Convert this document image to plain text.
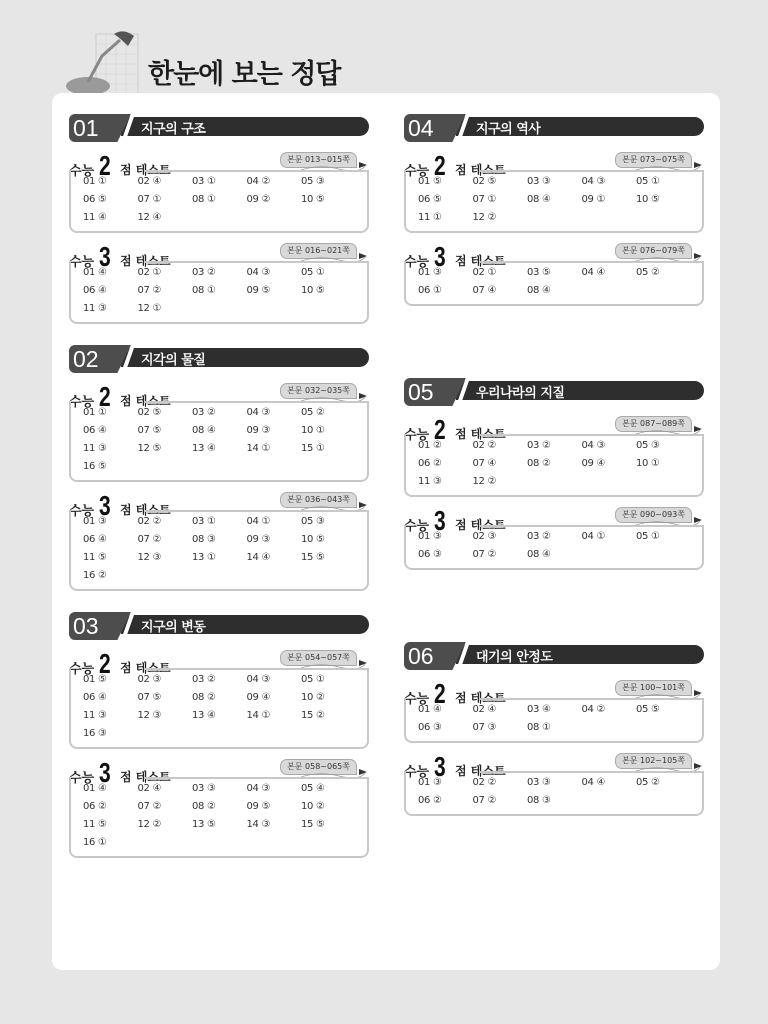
한눈에 보는 정답
01	지구의 구조
수능 2 점 테스트
본문 013~015쪽
01 ①	02 ④	03 ①	04 ②	05 ③
06 ⑤	07 ①	08 ①	09 ②	10 ⑤
11 ④	12 ④
수능 3 점 테스트
본문 016~021쪽
01 ④	02 ①	03 ②	04 ③	05 ①
06 ④	07 ②	08 ①	09 ⑤	10 ⑤
11 ③	12 ①
02	지각의 물질
수능 2 점 테스트
본문 032~035쪽
01 ①	02 ⑤	03 ②	04 ③	05 ②
06 ④	07 ⑤	08 ④	09 ③	10 ①
11 ③	12 ⑤	13 ④	14 ①	15 ①
16 ⑤
수능 3 점 테스트
본문 036~043쪽
01 ③	02 ②	03 ①	04 ①	05 ③
06 ④	07 ②	08 ③	09 ③	10 ⑤
11 ⑤	12 ③	13 ①	14 ④	15 ⑤
16 ②
03	지구의 변동
수능 2 점 테스트
본문 054~057쪽
01 ⑤	02 ③	03 ②	04 ③	05 ①
06 ④	07 ⑤	08 ②	09 ④	10 ②
11 ③	12 ③	13 ④	14 ①	15 ②
16 ③
수능 3 점 테스트
본문 058~065쪽
01 ④	02 ④	03 ③	04 ③	05 ④
06 ②	07 ②	08 ②	09 ⑤	10 ②
11 ⑤	12 ②	13 ⑤	14 ③	15 ⑤
16 ①
04	지구의 역사
수능 2 점 테스트
본문 073~075쪽
01 ⑤	02 ⑤	03 ③	04 ③	05 ①
06 ⑤	07 ①	08 ④	09 ①	10 ⑤
11 ①	12 ②
수능 3 점 테스트
본문 076~079쪽
01 ③	02 ①	03 ⑤	04 ④	05 ②
06 ①	07 ④	08 ④
05	우리나라의 지질
수능 2 점 테스트
본문 087~089쪽
01 ②	02 ②	03 ②	04 ③	05 ③
06 ②	07 ④	08 ②	09 ④	10 ①
11 ③	12 ②
수능 3 점 테스트
본문 090~093쪽
01 ③	02 ③	03 ②	04 ①	05 ①
06 ③	07 ②	08 ④
06	대기의 안정도
수능 2 점 테스트
본문 100~101쪽
01 ④	02 ④	03 ④	04 ②	05 ⑤
06 ③	07 ③	08 ①
수능 3 점 테스트
본문 102~105쪽
01 ③	02 ②	03 ③	04 ④	05 ②
06 ②	07 ②	08 ③
